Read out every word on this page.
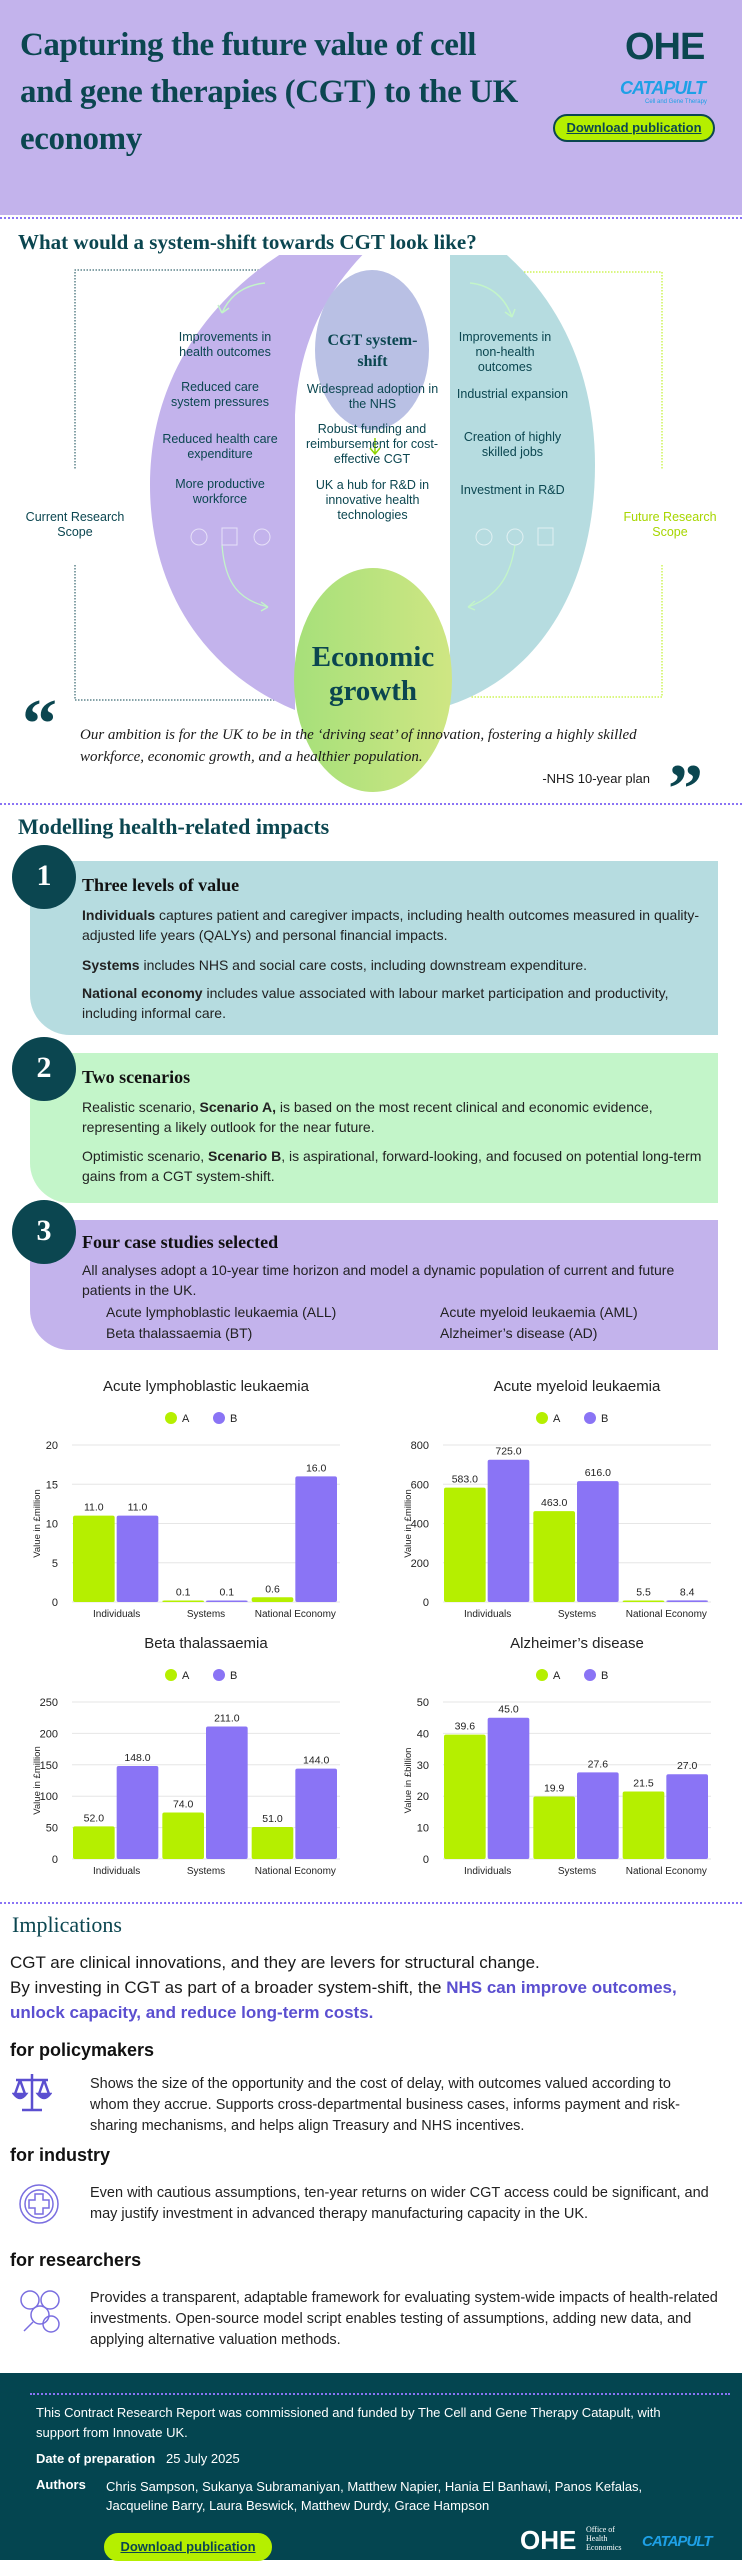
Capturing the future value of cell and gene therapies (CGT) to the UK economy
OHE
CATAPULT
Cell and Gene Therapy
Download publication
What would a system-shift towards CGT look like?
CGT system-shift
Economic growth
Current Research Scope
Future Research Scope
Improvements in health outcomes
Reduced care system pressures
Reduced health care expenditure
More productive workforce
Widespread adoption in the NHS
Robust funding and reimbursement for cost-effective CGT
UK a hub for R&D in innovative health technologies
Improvements in non-health outcomes
Industrial expansion
Creation of highly skilled jobs
Investment in R&D
“ Our ambition is for the UK to be in the ‘driving seat’ of innovation, fostering a highly skilled workforce, economic growth, and a healthier population.
-NHS 10-year plan ”
Modelling health-related impacts
Three levels of value

Individuals captures patient and caregiver impacts, including health outcomes measured in quality-adjusted life years (QALYs) and personal financial impacts.

Systems includes NHS and social care costs, including downstream expenditure.

National economy includes value associated with labour market participation and productivity, including informal care.

1
Two scenarios

Realistic scenario, Scenario A, is based on the most recent clinical and economic evidence, representing a likely outlook for the near future.

Optimistic scenario, Scenario B, is aspirational, forward-looking, and focused on potential long-term gains from a CGT system-shift.

2
Four case studies selected

All analyses adopt a 10-year time horizon and model a dynamic population of current and future patients in the UK.

Acute lymphoblastic leukaemia (ALL)	Acute myeloid leukaemia (AML)
Beta thalassaemia (BT)	Alzheimer’s disease (AD)
3
Acute lymphoblastic leukaemia
A	B
0
5
10
15
20
Value in £million
Individuals
11.0 11.0
Systems
0.1	0.1
National Economy
0.6
16.0
Acute myeloid leukaemia
A	B
0
200
400
600
800
Value in £million
Individuals
583.0
725.0
Systems
463.0
616.0
National Economy
5.5	8.4
Beta thalassaemia
A	B
0
50
100
150
200
250
Value in £million
Individuals
52.0
148.0
Systems
74.0
211.0
National Economy
51.0
144.0
Alzheimer’s disease
A	B
0
10
20
30
40
50
Value in £billion
Individuals
39.6
45.0
Systems
19.9
27.6
National Economy
21.5
27.0
Implications

CGT are clinical innovations, and they are levers for structural change.
By investing in CGT as part of a broader system-shift, the NHS can improve outcomes, unlock capacity, and reduce long-term costs.

for policymakers

Shows the size of the opportunity and the cost of delay, with outcomes valued according to whom they accrue. Supports cross-departmental business cases, informs payment and risk-sharing mechanisms, and helps align Treasury and NHS incentives.

for industry

Even with cautious assumptions, ten-year returns on wider CGT access could be significant, and may justify investment in advanced therapy manufacturing capacity in the UK.

for researchers

Provides a transparent, adaptable framework for evaluating system-wide impacts of health-related investments. Open-source model script enables testing of assumptions, adding new data, and applying alternative valuation methods.

This Contract Research Report was commissioned and funded by The Cell and Gene Therapy Catapult, with support from Innovate UK.

Date of preparation 25 July 2025
Authors Chris Sampson, Sukanya Subramaniyan, Matthew Napier, Hania El Banhawi, Panos Kefalas, Jacqueline Barry, Laura Beswick, Matthew Durdy, Grace Hampson

Download publication	OHE Office of Health Economics	CATAPULT
